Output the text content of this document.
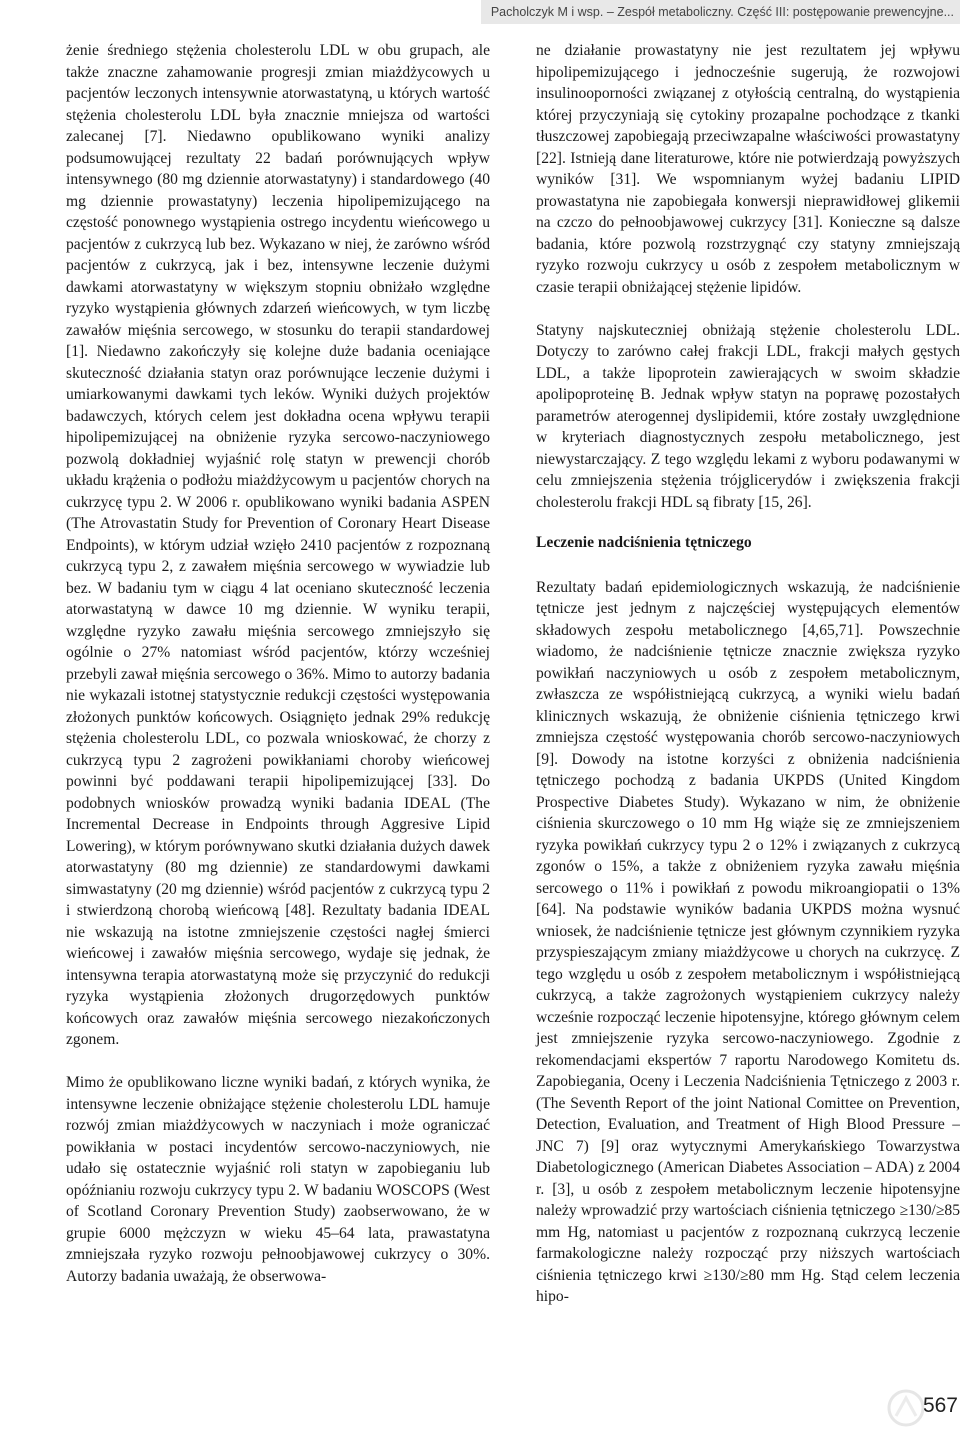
Pacholczyk M i wsp. – Zespół metaboliczny. Część III: postępowanie prewencyjne...

żenie średniego stężenia cholesterolu LDL w obu grupach, ale także znaczne zahamowanie progresji zmian miażdżycowych u pacjentów leczonych intensywnie atorwastatyną, u których wartość stężenia cholesterolu LDL była znacznie mniejsza od wartości zalecanej [7]. Niedawno opublikowano wyniki analizy podsumowującej rezultaty 22 badań porównujących wpływ intensywnego (80 mg dziennie atorwastatyny) i standardowego (40 mg dziennie prowastatyny) leczenia hipolipemizującego na częstość ponownego wystąpienia ostrego incydentu wieńcowego u pacjentów z cukrzycą lub bez. Wykazano w niej, że zarówno wśród pacjentów z cukrzycą, jak i bez, intensywne leczenie dużymi dawkami atorwastatyny w większym stopniu obniżało względne ryzyko wystąpienia głównych zdarzeń wieńcowych, w tym liczbę zawałów mięśnia sercowego, w stosunku do terapii standardowej [1]. Niedawno zakończyły się kolejne duże badania oceniające skuteczność działania statyn oraz porównujące leczenie dużymi i umiarkowanymi dawkami tych leków. Wyniki dużych projektów badawczych, których celem jest dokładna ocena wpływu terapii hipolipemizującej na obniżenie ryzyka sercowo-naczyniowego pozwolą dokładniej wyjaśnić rolę statyn w prewencji chorób układu krążenia o podłożu miażdżycowym u pacjentów chorych na cukrzycę typu 2. W 2006 r. opublikowano wyniki badania ASPEN (The Atrovastatin Study for Prevention of Coronary Heart Disease Endpoints), w którym udział wzięło 2410 pacjentów z rozpoznaną cukrzycą typu 2, z zawałem mięśnia sercowego w wywiadzie lub bez. W badaniu tym w ciągu 4 lat oceniano skuteczność leczenia atorwastatyną w dawce 10 mg dziennie. W wyniku terapii, względne ryzyko zawału mięśnia sercowego zmniejszyło się ogólnie o 27% natomiast wśród pacjentów, którzy wcześniej przebyli zawał mięśnia sercowego o 36%. Mimo to autorzy badania nie wykazali istotnej statystycznie redukcji częstości występowania złożonych punktów końcowych. Osiągnięto jednak 29% redukcję stężenia cholesterolu LDL, co pozwala wnioskować, że chorzy z cukrzycą typu 2 zagrożeni powikłaniami choroby wieńcowej powinni być poddawani terapii hipolipemizującej [33]. Do podobnych wniosków prowadzą wyniki badania IDEAL (The Incremental Decrease in Endpoints through Aggresive Lipid Lowering), w którym porównywano skutki działania dużych dawek atorwastatyny (80 mg dziennie) ze standardowymi dawkami simwastatyny (20 mg dziennie) wśród pacjentów z cukrzycą typu 2 i stwierdzoną chorobą wieńcową [48]. Rezultaty badania IDEAL nie wskazują na istotne zmniejszenie częstości nagłej śmierci wieńcowej i zawałów mięśnia sercowego, wydaje się jednak, że intensywna terapia atorwastatyną może się przyczynić do redukcji ryzyka wystąpienia złożonych drugorzędowych punktów końcowych oraz zawałów mięśnia sercowego niezakończonych zgonem.

Mimo że opublikowano liczne wyniki badań, z których wynika, że intensywne leczenie obniżające stężenie cholesterolu LDL hamuje rozwój zmian miażdżycowych w naczyniach i może ograniczać powikłania w postaci incydentów sercowo-naczyniowych, nie udało się ostatecznie wyjaśnić roli statyn w zapobieganiu lub opóźnianiu rozwoju cukrzycy typu 2. W badaniu WOSCOPS (West of Scotland Coronary Prevention Study) zaobserwowano, że w grupie 6000 mężczyzn w wieku 45–64 lata, prawastatyna zmniejszała ryzyko rozwoju pełnoobjawowej cukrzycy o 30%. Autorzy badania uważają, że obserwowa-

ne działanie prowastatyny nie jest rezultatem jej wpływu hipolipemizującego i jednocześnie sugerują, że rozwojowi insulinooporności związanej z otyłością centralną, do wystąpienia której przyczyniają się cytokiny prozapalne pochodzące z tkanki tłuszczowej zapobiegają przeciwzapalne właściwości prowastatyny [22]. Istnieją dane literaturowe, które nie potwierdzają powyższych wyników [31]. We wspomnianym wyżej badaniu LIPID prowastatyna nie zapobiegała konwersji nieprawidłowej glikemii na czczo do pełnoobjawowej cukrzycy [31]. Konieczne są dalsze badania, które pozwolą rozstrzygnąć czy statyny zmniejszają ryzyko rozwoju cukrzycy u osób z zespołem metabolicznym w czasie terapii obniżającej stężenie lipidów.

Statyny najskuteczniej obniżają stężenie cholesterolu LDL. Dotyczy to zarówno całej frakcji LDL, frakcji małych gęstych LDL, a także lipoprotein zawierających w swoim składzie apolipoproteinę B. Jednak wpływ statyn na poprawę pozostałych parametrów aterogennej dyslipidemii, które zostały uwzględnione w kryteriach diagnostycznych zespołu metabolicznego, jest niewystarczający. Z tego względu lekami z wyboru podawanymi w celu zmniejszenia stężenia trójglicerydów i zwiększenia frakcji cholesterolu frakcji HDL są fibraty [15, 26].

Leczenie nadciśnienia tętniczego

Rezultaty badań epidemiologicznych wskazują, że nadciśnienie tętnicze jest jednym z najczęściej występujących elementów składowych zespołu metabolicznego [4,65,71]. Powszechnie wiadomo, że nadciśnienie tętnicze znacznie zwiększa ryzyko powikłań naczyniowych u osób z zespołem metabolicznym, zwłaszcza ze współistniejącą cukrzycą, a wyniki wielu badań klinicznych wskazują, że obniżenie ciśnienia tętniczego krwi zmniejsza częstość występowania chorób sercowo-naczyniowych [9]. Dowody na istotne korzyści z obniżenia nadciśnienia tętniczego pochodzą z badania UKPDS (United Kingdom Prospective Diabetes Study). Wykazano w nim, że obniżenie ciśnienia skurczowego o 10 mm Hg wiąże się ze zmniejszeniem ryzyka powikłań cukrzycy typu 2 o 12% i związanych z cukrzycą zgonów o 15%, a także z obniżeniem ryzyka zawału mięśnia sercowego o 11% i powikłań z powodu mikroangiopatii o 13% [64]. Na podstawie wyników badania UKPDS można wysnuć wniosek, że nadciśnienie tętnicze jest głównym czynnikiem ryzyka przyspieszającym zmiany miażdżycowe u chorych na cukrzycę. Z tego względu u osób z zespołem metabolicznym i współistniejącą cukrzycą, a także zagrożonych wystąpieniem cukrzycy należy wcześnie rozpocząć leczenie hipotensyjne, którego głównym celem jest zmniejszenie ryzyka sercowo-naczyniowego. Zgodnie z rekomendacjami ekspertów 7 raportu Narodowego Komitetu ds. Zapobiegania, Oceny i Leczenia Nadciśnienia Tętniczego z 2003 r. (The Seventh Report of the joint National Comittee on Prevention, Detection, Evaluation, and Treatment of High Blood Pressure – JNC 7) [9] oraz wytycznymi Amerykańskiego Towarzystwa Diabetologicznego (American Diabetes Association – ADA) z 2004 r. [3], u osób z zespołem metabolicznym leczenie hipotensyjne należy wprowadzić przy wartościach ciśnienia tętniczego ≥130/≥85 mm Hg, natomiast u pacjentów z rozpoznaną cukrzycą leczenie farmakologiczne należy rozpocząć przy niższych wartościach ciśnienia tętniczego krwi ≥130/≥80 mm Hg. Stąd celem leczenia hipo-

567
